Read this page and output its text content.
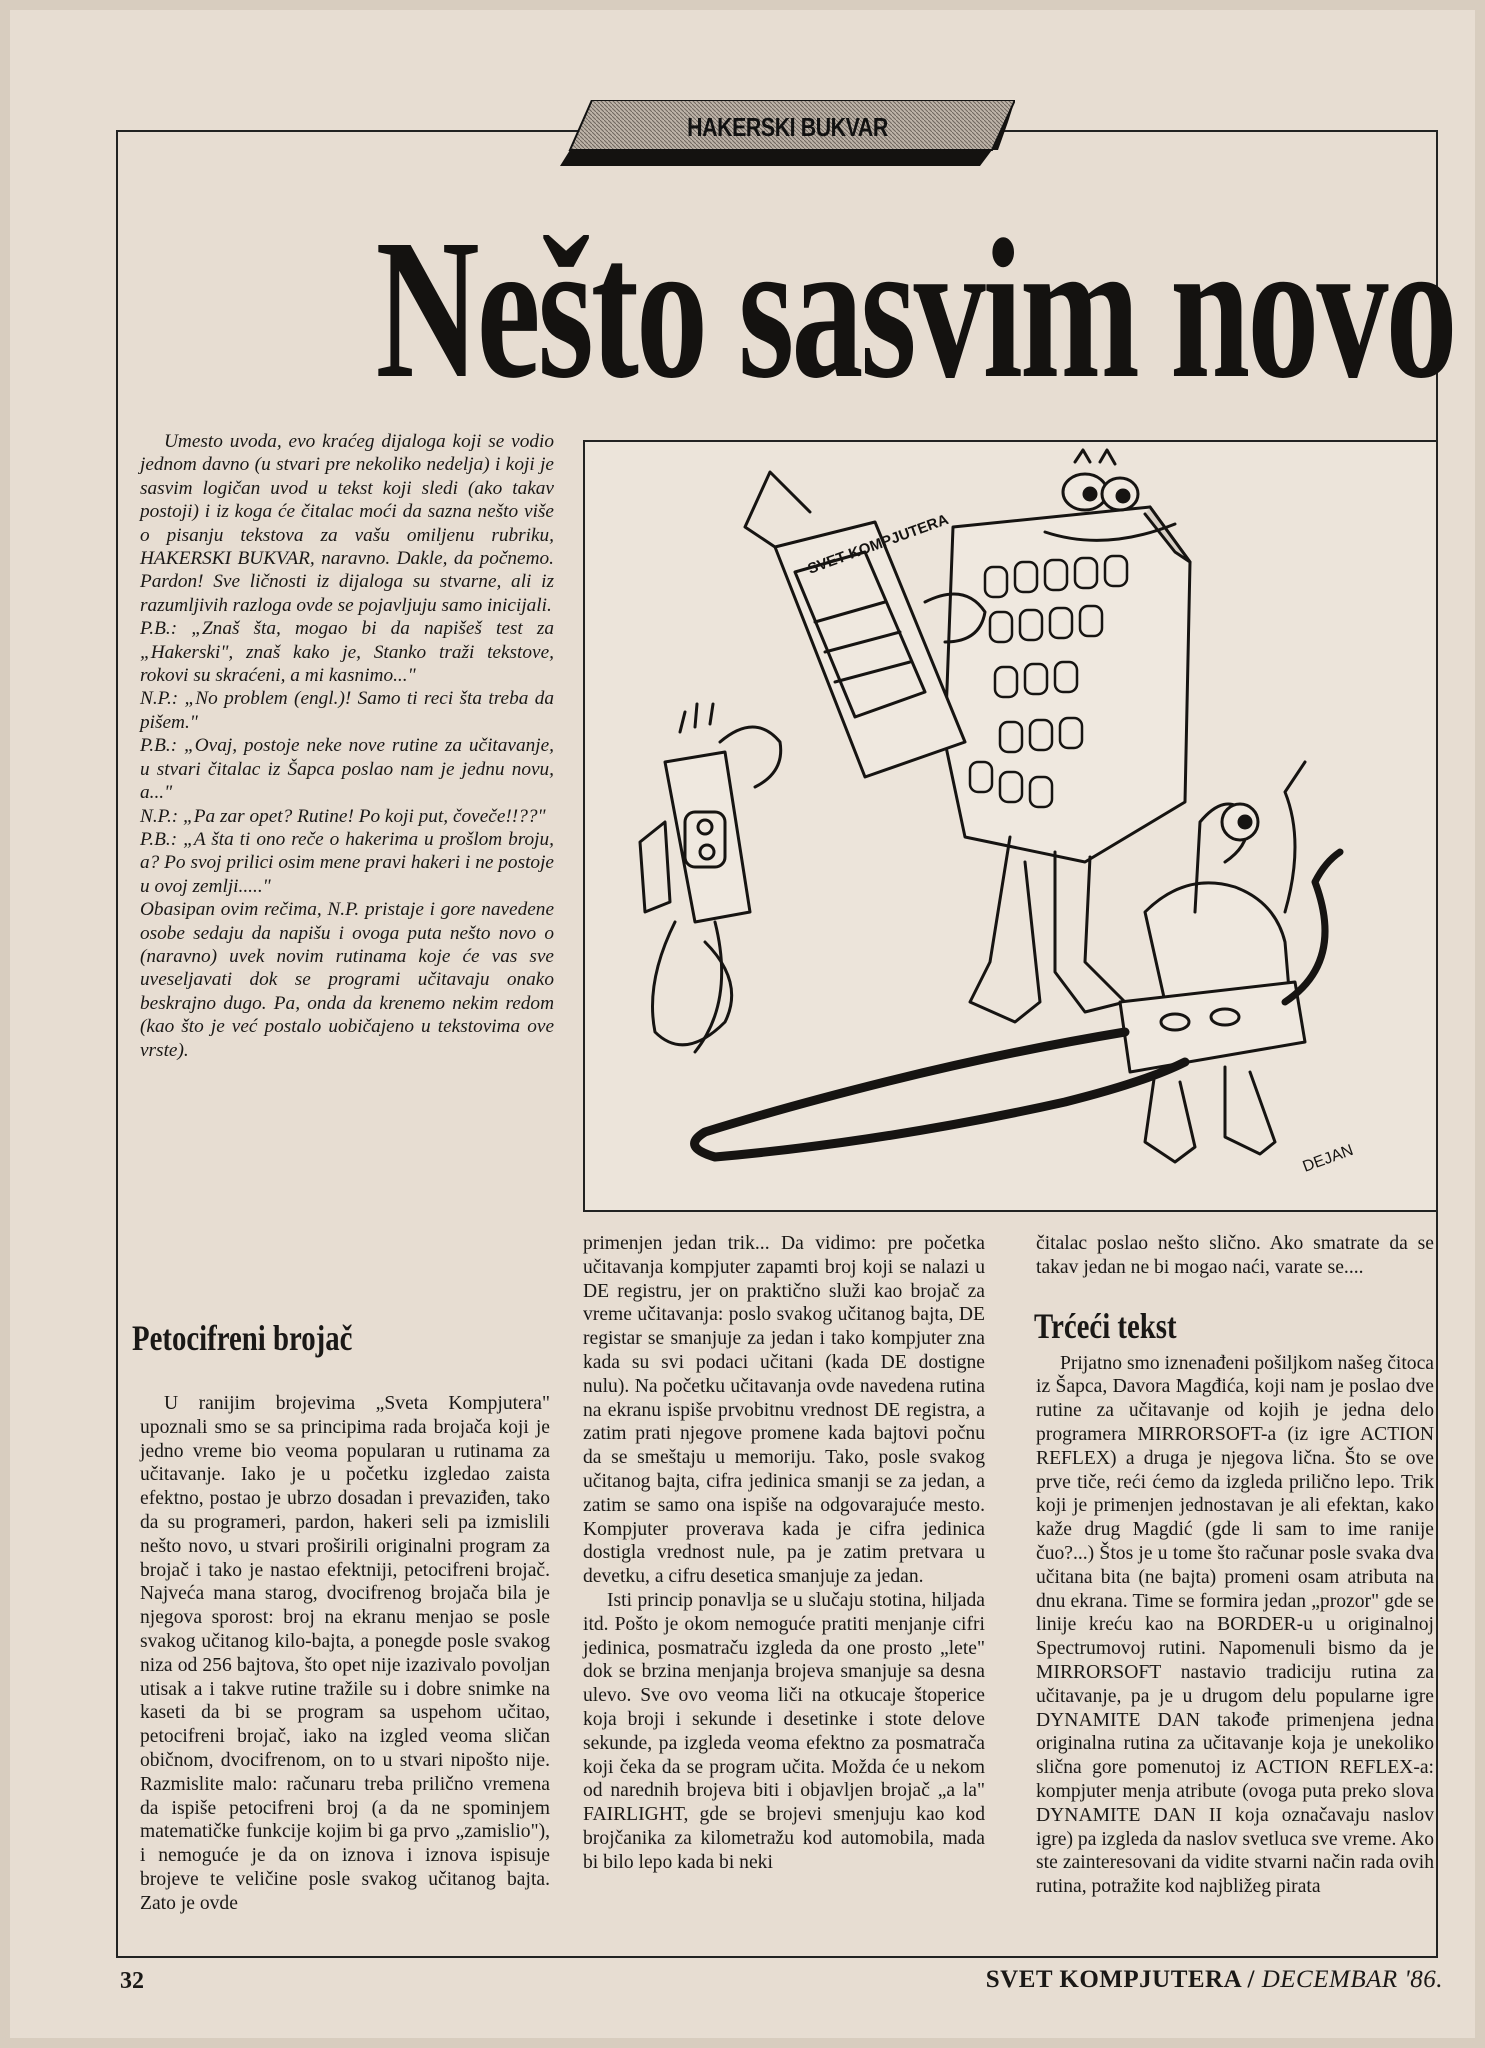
HAKERSKI BUKVAR
Nešto sasvim novo

Umesto uvoda, evo kraćeg dijaloga koji se vodio jednom davno (u stvari pre nekoliko nedelja) i koji je sasvim logičan uvod u tekst koji sledi (ako takav postoji) i iz koga će čitalac moći da sazna nešto više o pisanju tekstova za vašu omiljenu rubriku, HAKERSKI BUKVAR, naravno. Dakle, da počnemo. Pardon! Sve ličnosti iz dijaloga su stvarne, ali iz razumljivih razloga ovde se pojavljuju samo inicijali.

P.B.: „Znaš šta, mogao bi da napišeš test za „Hakerski", znaš kako je, Stanko traži tekstove, rokovi su skraćeni, a mi kasnimo..."

N.P.: „No problem (engl.)! Samo ti reci šta treba da pišem."

P.B.: „Ovaj, postoje neke nove rutine za učitavanje, u stvari čitalac iz Šapca poslao nam je jednu novu, a..."

N.P.: „Pa zar opet? Rutine! Po koji put, čoveče!!??"

P.B.: „A šta ti ono reče o hakerima u prošlom broju, a? Po svoj prilici osim mene pravi hakeri i ne postoje u ovoj zemlji....."

Obasipan ovim rečima, N.P. pristaje i gore navedene osobe sedaju da napišu i ovoga puta nešto novo o (naravno) uvek novim rutinama koje će vas sve uveseljavati dok se programi učitavaju onako beskrajno dugo. Pa, onda da krenemo nekim redom (kao što je već postalo uobičajeno u tekstovima ove vrste).

SVET KOMPJUTERA
DEJAN
Petocifreni brojač

U ranijim brojevima „Sveta Kompjutera" upoznali smo se sa principima rada brojača koji je jedno vreme bio veoma popularan u rutinama za učitavanje. Iako je u početku izgledao zaista efektno, postao je ubrzo dosadan i prevaziđen, tako da su programeri, pardon, hakeri seli pa izmislili nešto novo, u stvari proširili originalni program za brojač i tako je nastao efektniji, petocifreni brojač. Najveća mana starog, dvocifrenog brojača bila je njegova sporost: broj na ekranu menjao se posle svakog učitanog kilo-bajta, a ponegde posle svakog niza od 256 bajtova, što opet nije izazivalo povoljan utisak a i takve rutine tražile su i dobre snimke na kaseti da bi se program sa uspehom učitao, petocifreni brojač, iako na izgled veoma sličan običnom, dvocifrenom, on to u stvari nipošto nije. Razmislite malo: računaru treba prilično vremena da ispiše petocifreni broj (a da ne spominjem matematičke funkcije kojim bi ga prvo „zamislio"), i nemoguće je da on iznova i iznova ispisuje brojeve te veličine posle svakog učitanog bajta. Zato je ovde

primenjen jedan trik... Da vidimo: pre početka učitavanja kompjuter zapamti broj koji se nalazi u DE registru, jer on praktično služi kao brojač za vreme učitavanja: poslo svakog učitanog bajta, DE registar se smanjuje za jedan i tako kompjuter zna kada su svi podaci učitani (kada DE dostigne nulu). Na početku učitavanja ovde navedena rutina na ekranu ispiše prvobitnu vrednost DE registra, a zatim prati njegove promene kada bajtovi počnu da se smeštaju u memoriju. Tako, posle svakog učitanog bajta, cifra jedinica smanji se za jedan, a zatim se samo ona ispiše na odgovarajuće mesto. Kompjuter proverava kada je cifra jedinica dostigla vrednost nule, pa je zatim pretvara u devetku, a cifru desetica smanjuje za jedan.

Isti princip ponavlja se u slučaju stotina, hiljada itd. Pošto je okom nemoguće pratiti menjanje cifri jedinica, posmatraču izgleda da one prosto „lete" dok se brzina menjanja brojeva smanjuje sa desna ulevo. Sve ovo veoma liči na otkucaje štoperice koja broji i sekunde i desetinke i stote delove sekunde, pa izgleda veoma efektno za posmatrača koji čeka da se program učita. Možda će u nekom od narednih brojeva biti i objavljen brojač „a la" FAIRLIGHT, gde se brojevi smenjuju kao kod brojčanika za kilometražu kod automobila, mada bi bilo lepo kada bi neki

čitalac poslao nešto slično. Ako smatrate da se takav jedan ne bi mogao naći, varate se....

Prijatno smo iznenađeni pošiljkom našeg čitoca iz Šapca, Davora Magđića, koji nam je poslao dve rutine za učitavanje od kojih je jedna delo programera MIRRORSOFT-a (iz igre ACTION REFLEX) a druga je njegova lična. Što se ove prve tiče, reći ćemo da izgleda prilično lepo. Trik koji je primenjen jednostavan je ali efektan, kako kaže drug Magdić (gde li sam to ime ranije čuo?...) Štos je u tome što računar posle svaka dva učitana bita (ne bajta) promeni osam atributa na dnu ekrana. Time se formira jedan „prozor" gde se linije kreću kao na BORDER-u u originalnoj Spectrumovoj rutini. Napomenuli bismo da je MIRRORSOFT nastavio tradiciju rutina za učitavanje, pa je u drugom delu popularne igre DYNAMITE DAN takođe primenjena jedna originalna rutina za učitavanje koja je unekoliko slična gore pomenutoj iz ACTION REFLEX-a: kompjuter menja atribute (ovoga puta preko slova DYNAMITE DAN II koja označavaju naslov igre) pa izgleda da naslov svetluca sve vreme. Ako ste zainteresovani da vidite stvarni način rada ovih rutina, potražite kod najbližeg pirata

Trćeći tekst
32	SVET KOMPJUTERA / DECEMBAR '86.
